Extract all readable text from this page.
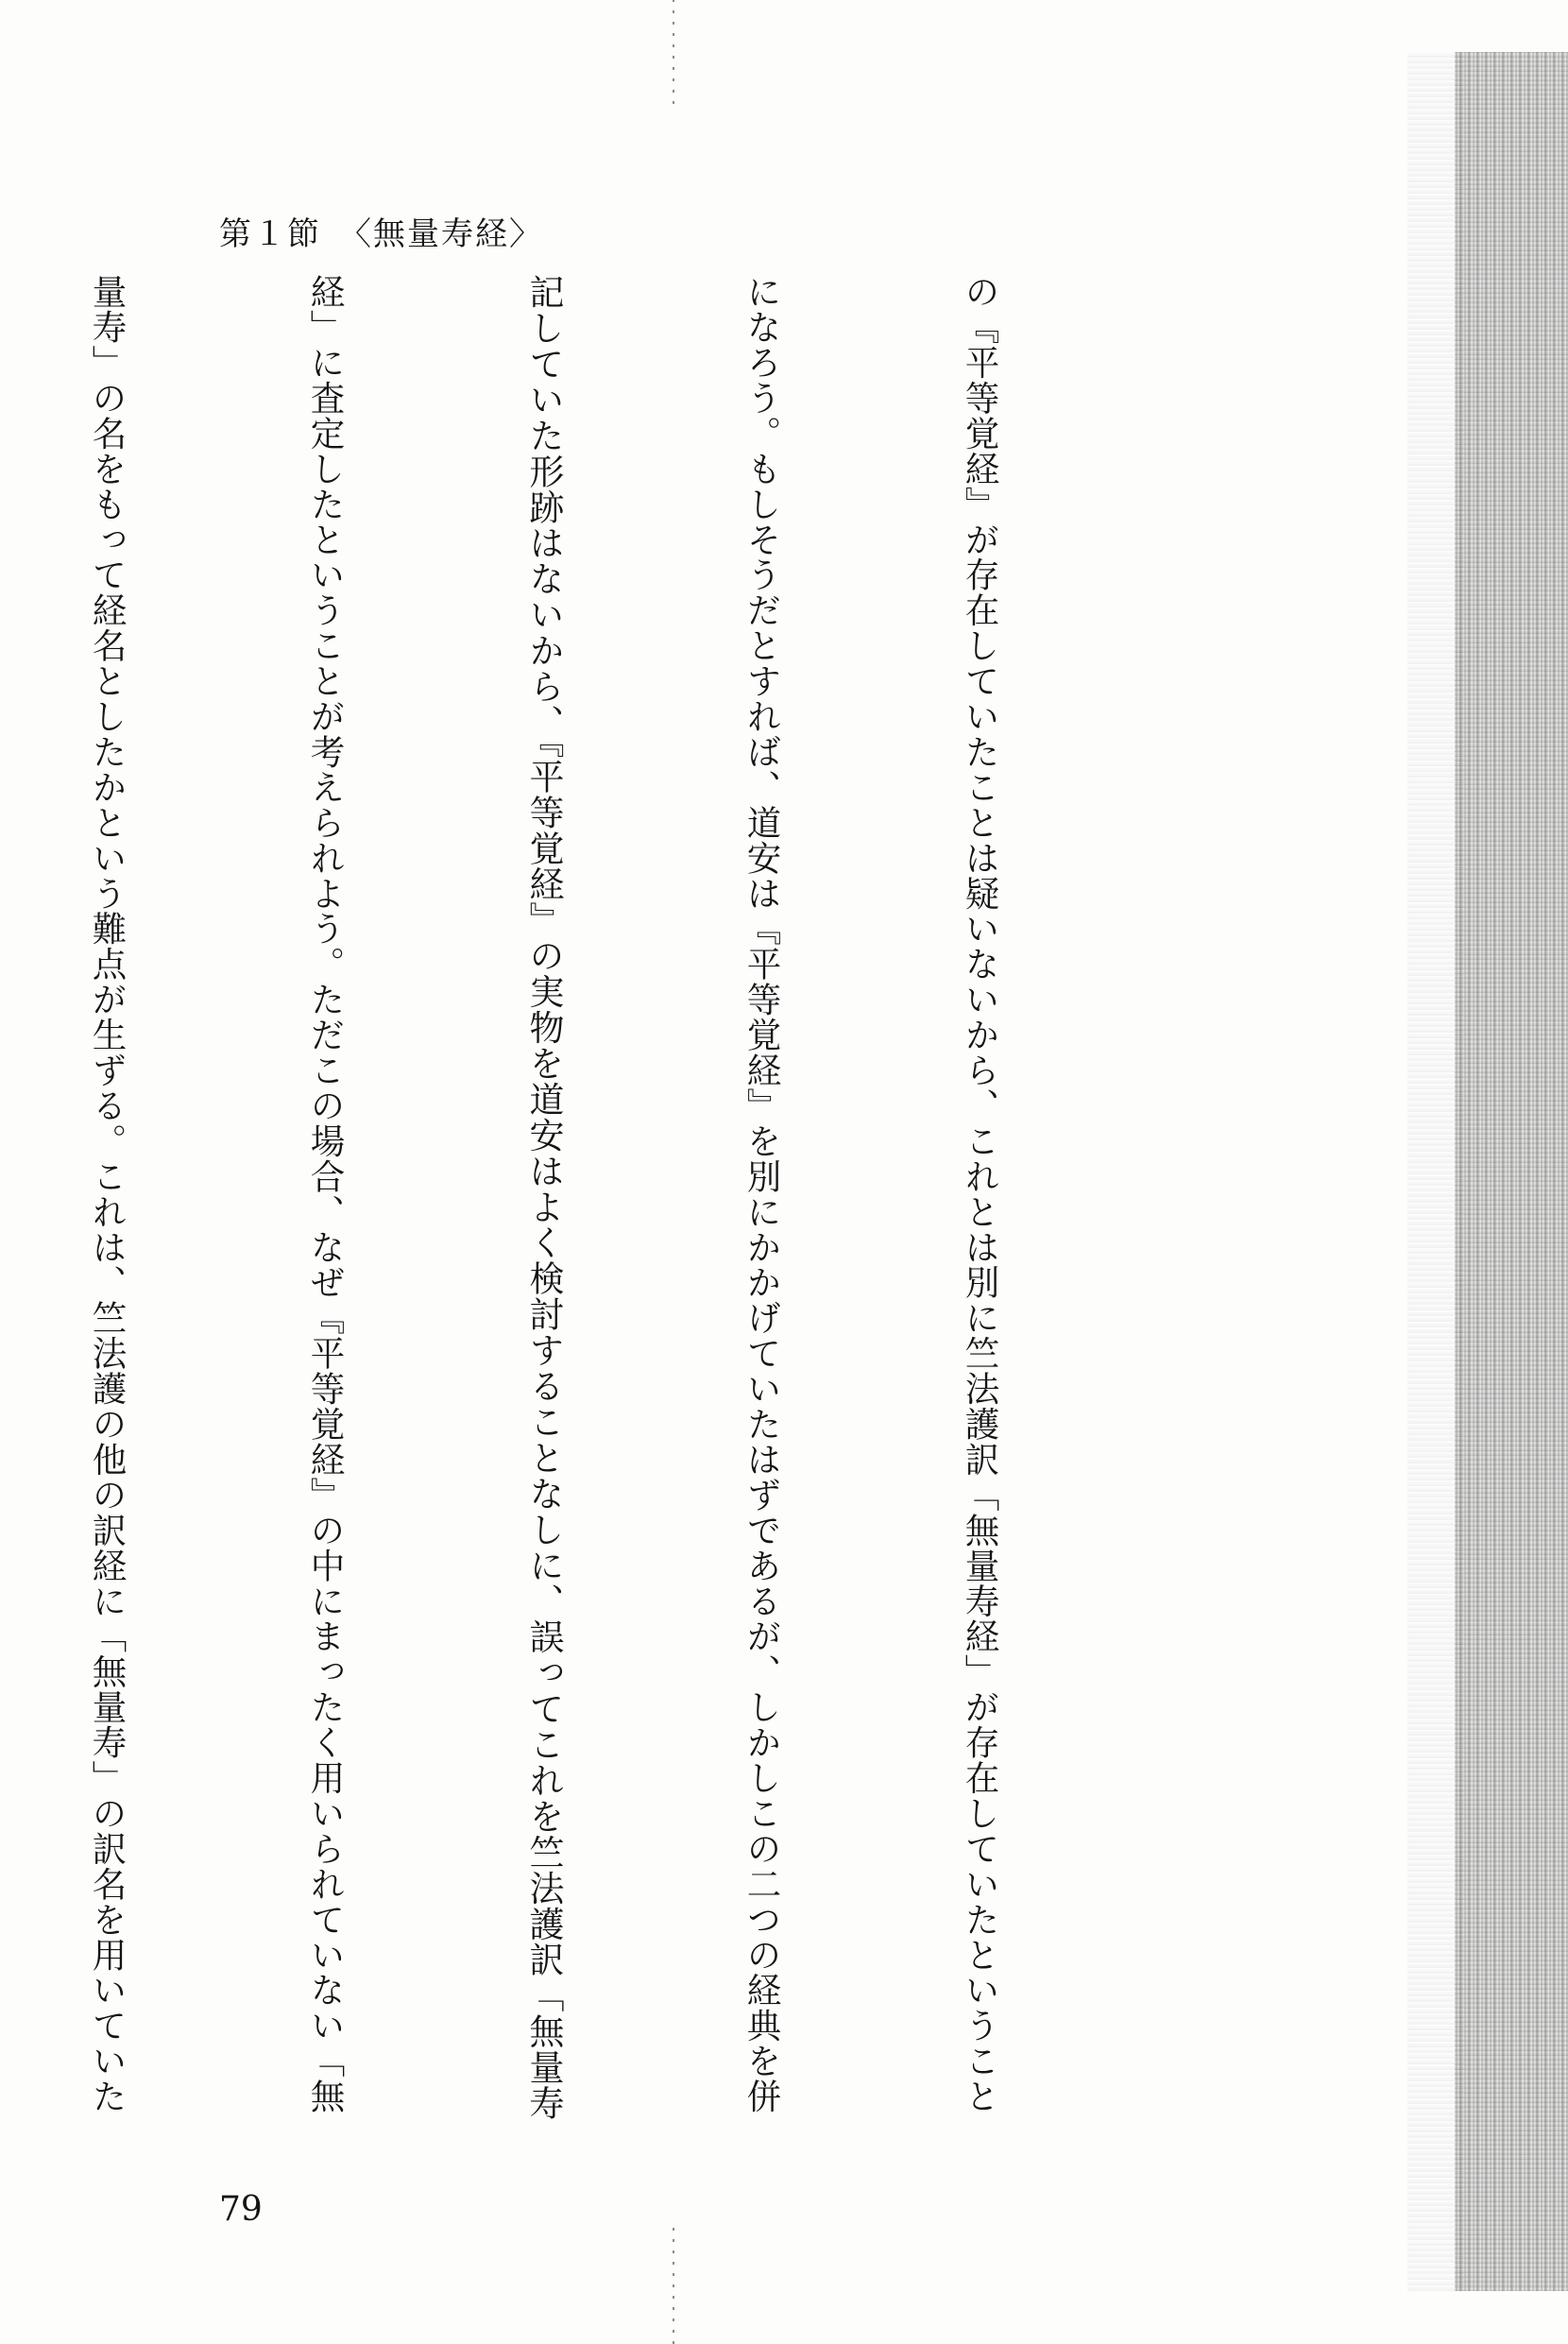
第１節　〈無量寿経〉

の『平等覚経』が存在していたことは疑いないから、これとは別に竺法護訳「無量寿経」が存在していたということ

になろう。もしそうだとすれば、道安は『平等覚経』を別にかかげていたはずであるが、しかしこの二つの経典を併

記していた形跡はないから、『平等覚経』の実物を道安はよく検討することなしに、誤ってこれを竺法護訳「無量寿

経」に査定したということが考えられよう。ただこの場合、なぜ『平等覚経』の中にまったく用いられていない「無

量寿」の名をもって経名としたかという難点が生ずる。これは、竺法護の他の訳経に「無量寿」の訳名を用いていた

79
